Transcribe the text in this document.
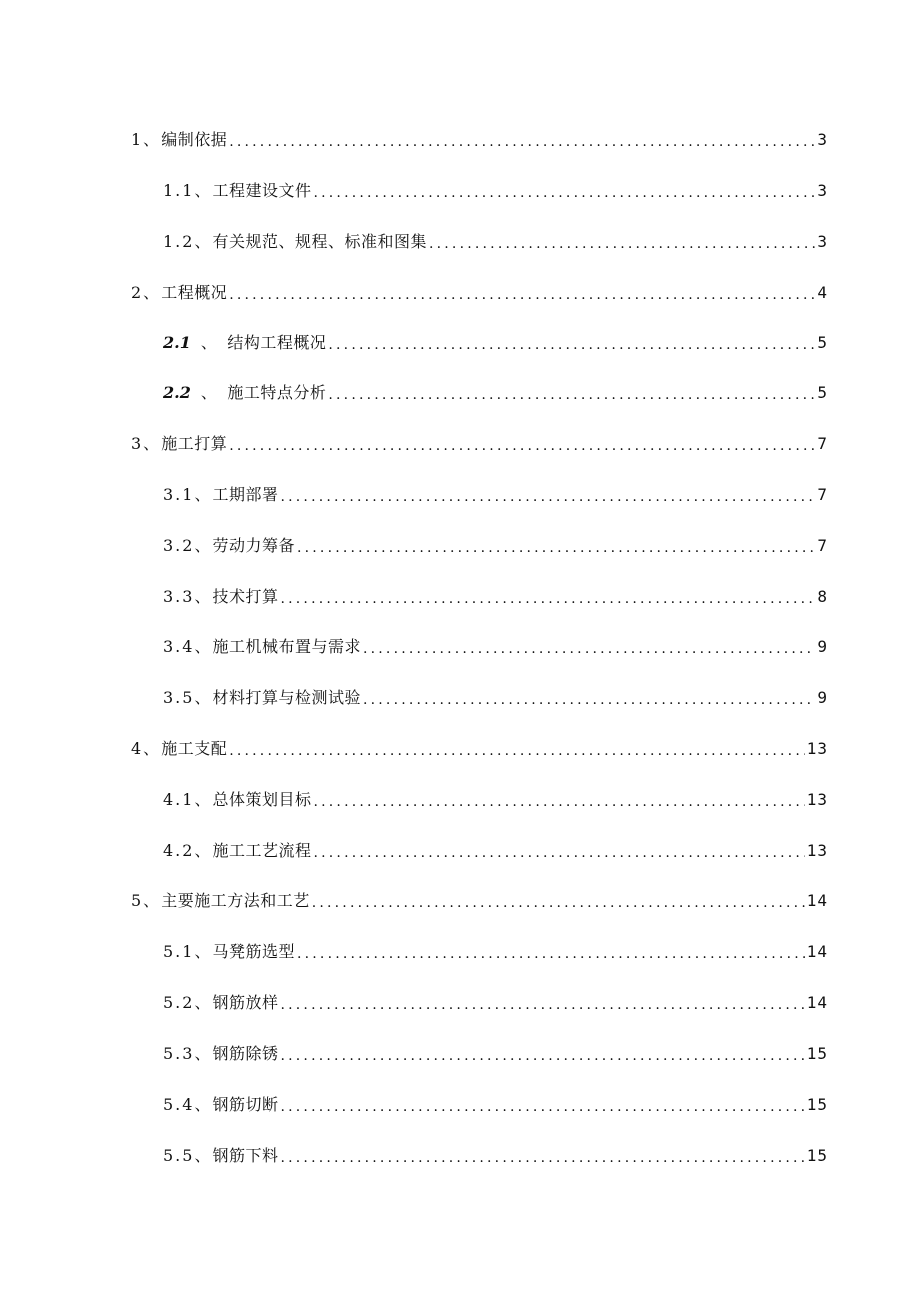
1、编制依据 .....	3
1.1、工程建设文件 .....	3
1.2、有关规范、规程、标准和图集 .....	3
2、工程概况 .....	4
2.1 、 结构工程概况 .....	5
2.2 、 施工特点分析 .....	5
3、施工打算 .....	7
3.1、工期部署 .....	7
3.2、劳动力筹备 .....	7
3.3、技术打算 .....	8
3.4、施工机械布置与需求 .....	9
3.5、材料打算与检测试验 .....	9
4、施工支配 .....	13
4.1、总体策划目标 .....	13
4.2、施工工艺流程 .....	13
5、主要施工方法和工艺 .....	14
5.1、马凳筋选型 .....	14
5.2、钢筋放样 .....	14
5.3、钢筋除锈 .....	15
5.4、钢筋切断 .....	15
5.5、钢筋下料 .....	15
